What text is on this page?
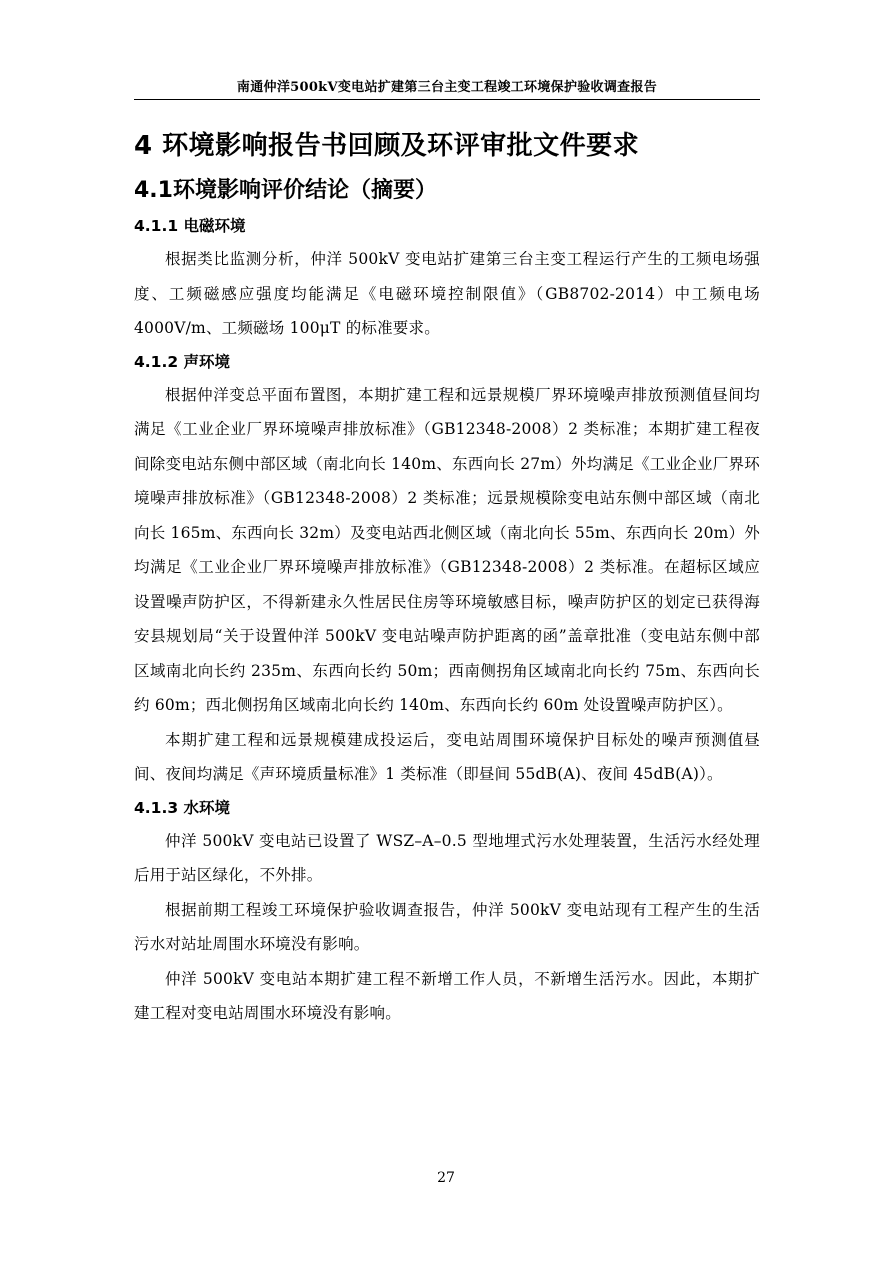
南通仲洋500kV变电站扩建第三台主变工程竣工环境保护验收调查报告
4 环境影响报告书回顾及环评审批文件要求
4.1环境影响评价结论（摘要）
4.1.1 电磁环境

根据类比监测分析，仲洋 500kV 变电站扩建第三台主变工程运行产生的工频电场强度、工频磁感应强度均能满足《电磁环境控制限值》（GB8702-2014）中工频电场 4000V/m、工频磁场 100μT 的标准要求。

4.1.2 声环境

根据仲洋变总平面布置图，本期扩建工程和远景规模厂界环境噪声排放预测值昼间均满足《工业企业厂界环境噪声排放标准》（GB12348-2008）2 类标准；本期扩建工程夜间除变电站东侧中部区域（南北向长 140m、东西向长 27m）外均满足《工业企业厂界环境噪声排放标准》（GB12348-2008）2 类标准；远景规模除变电站东侧中部区域（南北向长 165m、东西向长 32m）及变电站西北侧区域（南北向长 55m、东西向长 20m）外均满足《工业企业厂界环境噪声排放标准》（GB12348-2008）2 类标准。在超标区域应设置噪声防护区，不得新建永久性居民住房等环境敏感目标，噪声防护区的划定已获得海安县规划局“关于设置仲洋 500kV 变电站噪声防护距离的函”盖章批准（变电站东侧中部区域南北向长约 235m、东西向长约 50m；西南侧拐角区域南北向长约 75m、东西向长约 60m；西北侧拐角区域南北向长约 140m、东西向长约 60m 处设置噪声防护区）。

本期扩建工程和远景规模建成投运后，变电站周围环境保护目标处的噪声预测值昼间、夜间均满足《声环境质量标准》1 类标准（即昼间 55dB(A)、夜间 45dB(A)）。

4.1.3 水环境

仲洋 500kV 变电站已设置了 WSZ–A–0.5 型地埋式污水处理装置，生活污水经处理后用于站区绿化，不外排。

根据前期工程竣工环境保护验收调查报告，仲洋 500kV 变电站现有工程产生的生活污水对站址周围水环境没有影响。

仲洋 500kV 变电站本期扩建工程不新增工作人员，不新增生活污水。因此，本期扩建工程对变电站周围水环境没有影响。

27
